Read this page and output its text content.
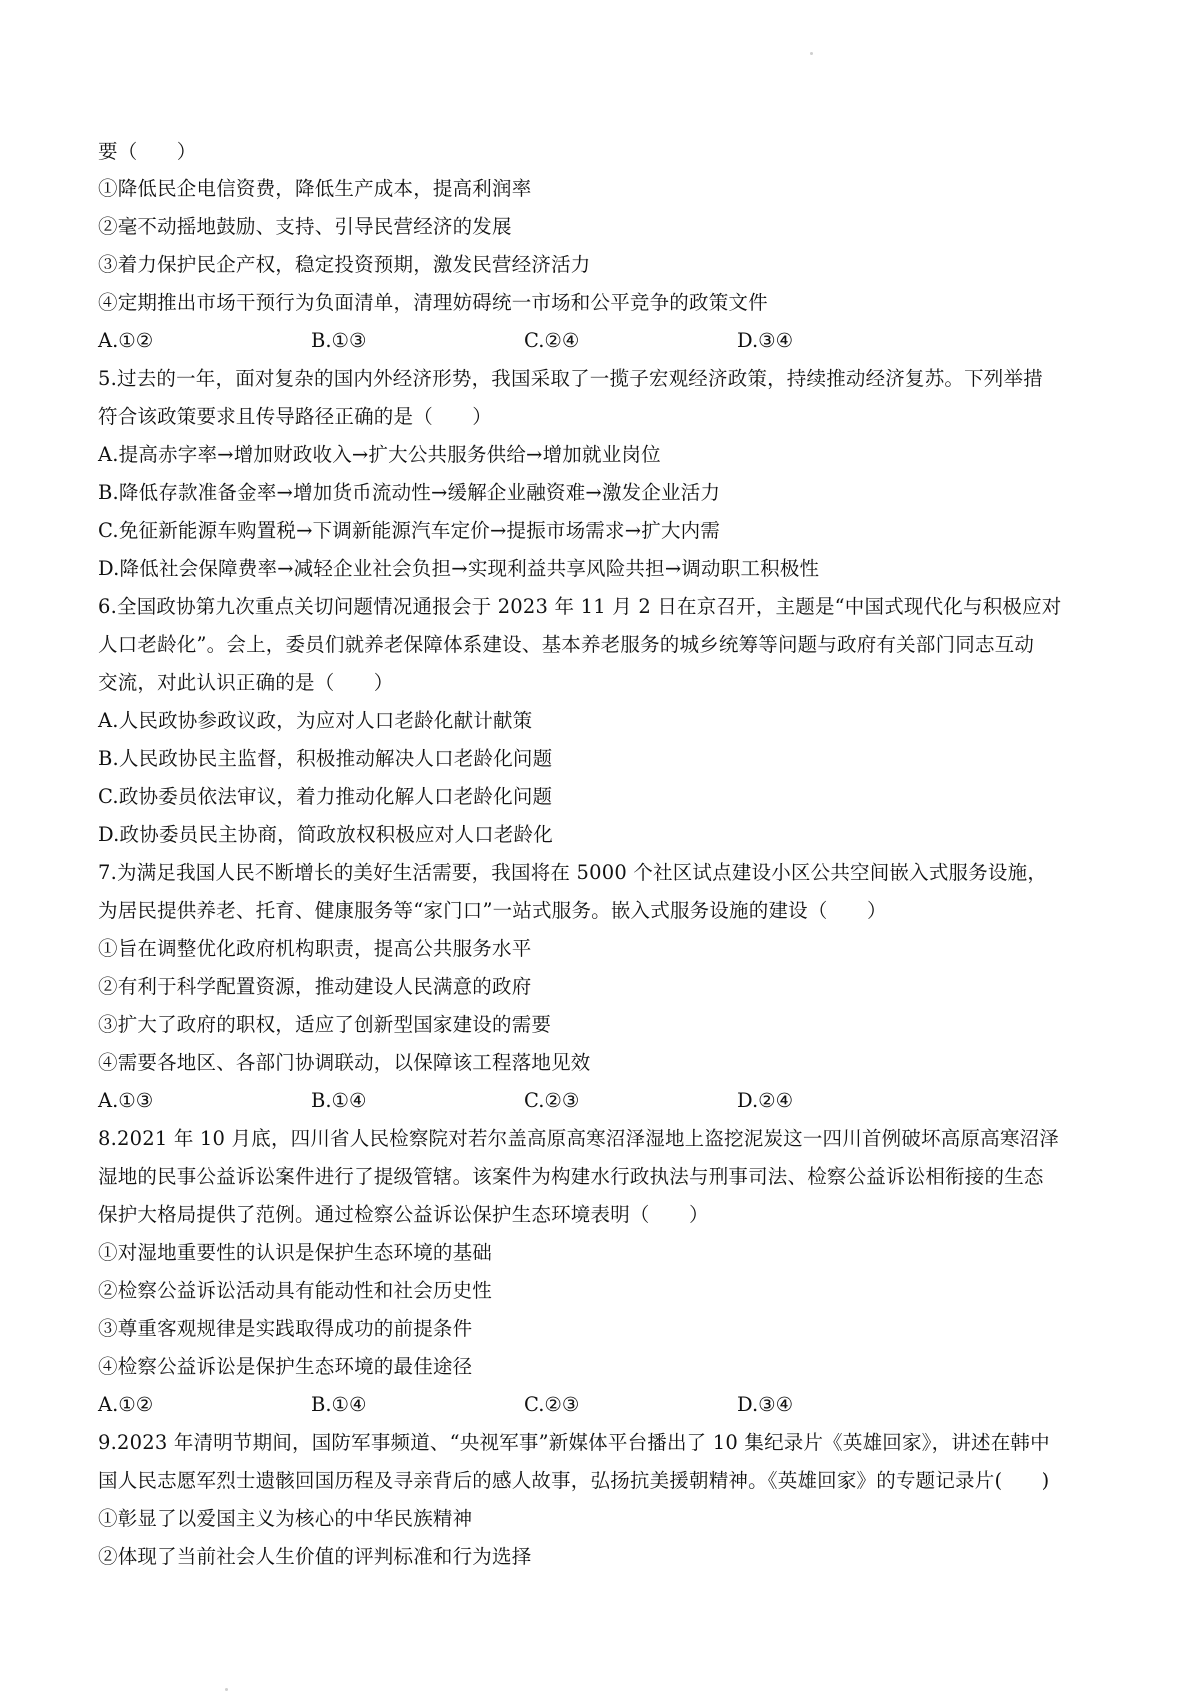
要（　　）
①降低民企电信资费，降低生产成本，提高利润率
②毫不动摇地鼓励、支持、引导民营经济的发展
③着力保护民企产权，稳定投资预期，激发民营经济活力
④定期推出市场干预行为负面清单，清理妨碍统一市场和公平竞争的政策文件
A.①②	B.①③	C.②④	D.③④
5.过去的一年，面对复杂的国内外经济形势，我国采取了一揽子宏观经济政策，持续推动经济复苏。下列举措
符合该政策要求且传导路径正确的是（　　）
A.提高赤字率→增加财政收入→扩大公共服务供给→增加就业岗位
B.降低存款准备金率→增加货币流动性→缓解企业融资难→激发企业活力
C.免征新能源车购置税→下调新能源汽车定价→提振市场需求→扩大内需
D.降低社会保障费率→减轻企业社会负担→实现利益共享风险共担→调动职工积极性
6.全国政协第九次重点关切问题情况通报会于 2023 年 11 月 2 日在京召开，主题是“中国式现代化与积极应对
人口老龄化”。会上，委员们就养老保障体系建设、基本养老服务的城乡统筹等问题与政府有关部门同志互动
交流，对此认识正确的是（　　）
A.人民政协参政议政，为应对人口老龄化献计献策
B.人民政协民主监督，积极推动解决人口老龄化问题
C.政协委员依法审议，着力推动化解人口老龄化问题
D.政协委员民主协商，简政放权积极应对人口老龄化
7.为满足我国人民不断增长的美好生活需要，我国将在 5000 个社区试点建设小区公共空间嵌入式服务设施，
为居民提供养老、托育、健康服务等“家门口”一站式服务。嵌入式服务设施的建设（　　）
①旨在调整优化政府机构职责，提高公共服务水平
②有利于科学配置资源，推动建设人民满意的政府
③扩大了政府的职权，适应了创新型国家建设的需要
④需要各地区、各部门协调联动，以保障该工程落地见效
A.①③	B.①④	C.②③	D.②④
8.2021 年 10 月底，四川省人民检察院对若尔盖高原高寒沼泽湿地上盗挖泥炭这一四川首例破坏高原高寒沼泽
湿地的民事公益诉讼案件进行了提级管辖。该案件为构建水行政执法与刑事司法、检察公益诉讼相衔接的生态
保护大格局提供了范例。通过检察公益诉讼保护生态环境表明（　　）
①对湿地重要性的认识是保护生态环境的基础
②检察公益诉讼活动具有能动性和社会历史性
③尊重客观规律是实践取得成功的前提条件
④检察公益诉讼是保护生态环境的最佳途径
A.①②	B.①④	C.②③	D.③④
9.2023 年清明节期间，国防军事频道、“央视军事”新媒体平台播出了 10 集纪录片《英雄回家》，讲述在韩中
国人民志愿军烈士遗骸回国历程及寻亲背后的感人故事，弘扬抗美援朝精神。《英雄回家》的专题记录片(　　)
①彰显了以爱国主义为核心的中华民族精神
②体现了当前社会人生价值的评判标准和行为选择
